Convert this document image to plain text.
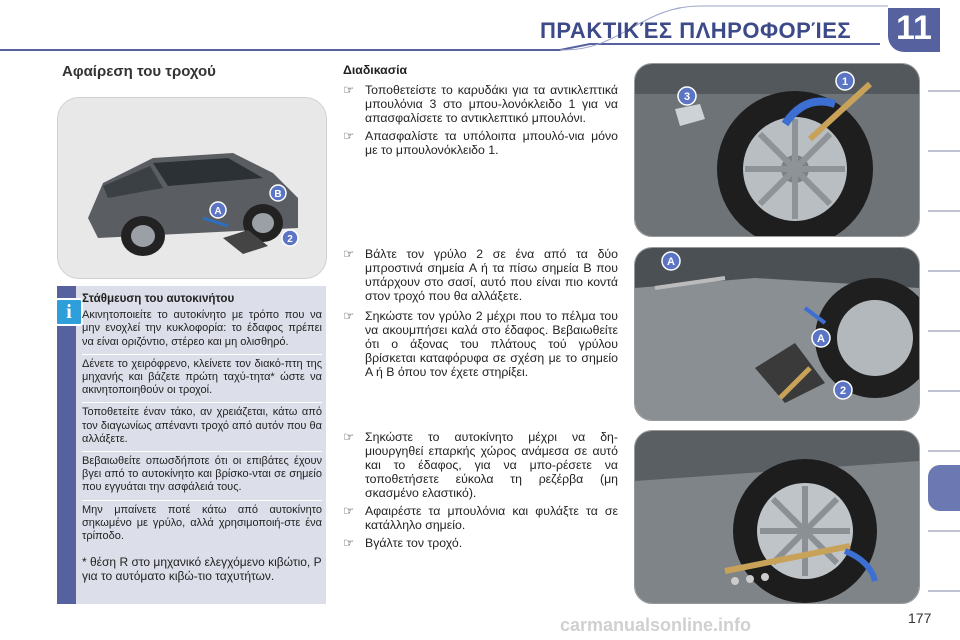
ΠΡΑΚΤΙΚΈΣ ΠΛΗΡΟΦΟΡΊΕΣ 11
Αφαίρεση του τροχού
A
B
2
i
Στάθμευση του αυτοκινήτου

Ακινητοποιείτε το αυτοκίνητο με τρόπο που να μην ενοχλεί την κυκλοφορία: το έδαφος πρέπει να είναι οριζόντιο, στέρεο και μη ολισθηρό.

Δένετε το χειρόφρενο, κλείνετε τον διακό-πτη της μηχανής και βάζετε πρώτη ταχύ-τητα* ώστε να ακινητοποιηθούν οι τροχοί.

Τοποθετείτε έναν τάκο, αν χρειάζεται, κάτω από τον διαγωνίως απέναντι τροχό από αυτόν που θα αλλάξετε.

Βεβαιωθείτε οπωσδήποτε ότι οι επιβάτες έχουν βγει από το αυτοκίνητο και βρίσκο-νται σε σημείο που εγγυάται την ασφάλειά τους.

Μην μπαίνετε ποτέ κάτω από αυτοκίνητο σηκωμένο με γρύλο, αλλά χρησιμοποιή-στε ένα τρίποδο.

* θέση R στο μηχανικό ελεγχόμενο κιβώτιο, P για το αυτόματο κιβώ-τιο ταχυτήτων.
Διαδικασία
☞ Τοποθετείστε το καρυδάκι για τα αντικλεπτικά μπουλόνια 3 στο μπου-λονόκλειδο 1 για να απασφαλίσετε το αντικλεπτικό μπουλόνι.
☞ Απασφαλίστε τα υπόλοιπα μπουλό-νια μόνο με το μπουλονόκλειδο 1.
☞ Βάλτε τον γρύλο 2 σε ένα από τα δύο μπροστινά σημεία A ή τα πίσω σημεία B που υπάρχουν στο σασί, αυτό που είναι πιο κοντά στον τροχό που θα αλλάξετε.
☞ Σηκώστε τον γρύλο 2 μέχρι που το πέλμα του να ακουμπήσει καλά στο έδαφος. Βεβαιωθείτε ότι ο άξονας του πλάτους τού γρύλου βρίσκεται καταφόρυφα σε σχέση με το σημείο A ή B όπου τον έχετε στηρίξει.
☞ Σηκώστε το αυτοκίνητο μέχρι να δη-μιουργηθεί επαρκής χώρος ανάμεσα σε αυτό και το έδαφος, για να μπο-ρέσετε να τοποθετήσετε εύκολα τη ρεζέρβα (μη σκασμένο ελαστικό).
☞ Αφαιρέστε τα μπουλόνια και φυλάξτε τα σε κατάλληλο σημείο.
☞ Βγάλτε τον τροχό.
1
3
A
A
2
177
carmanualsonline.info
